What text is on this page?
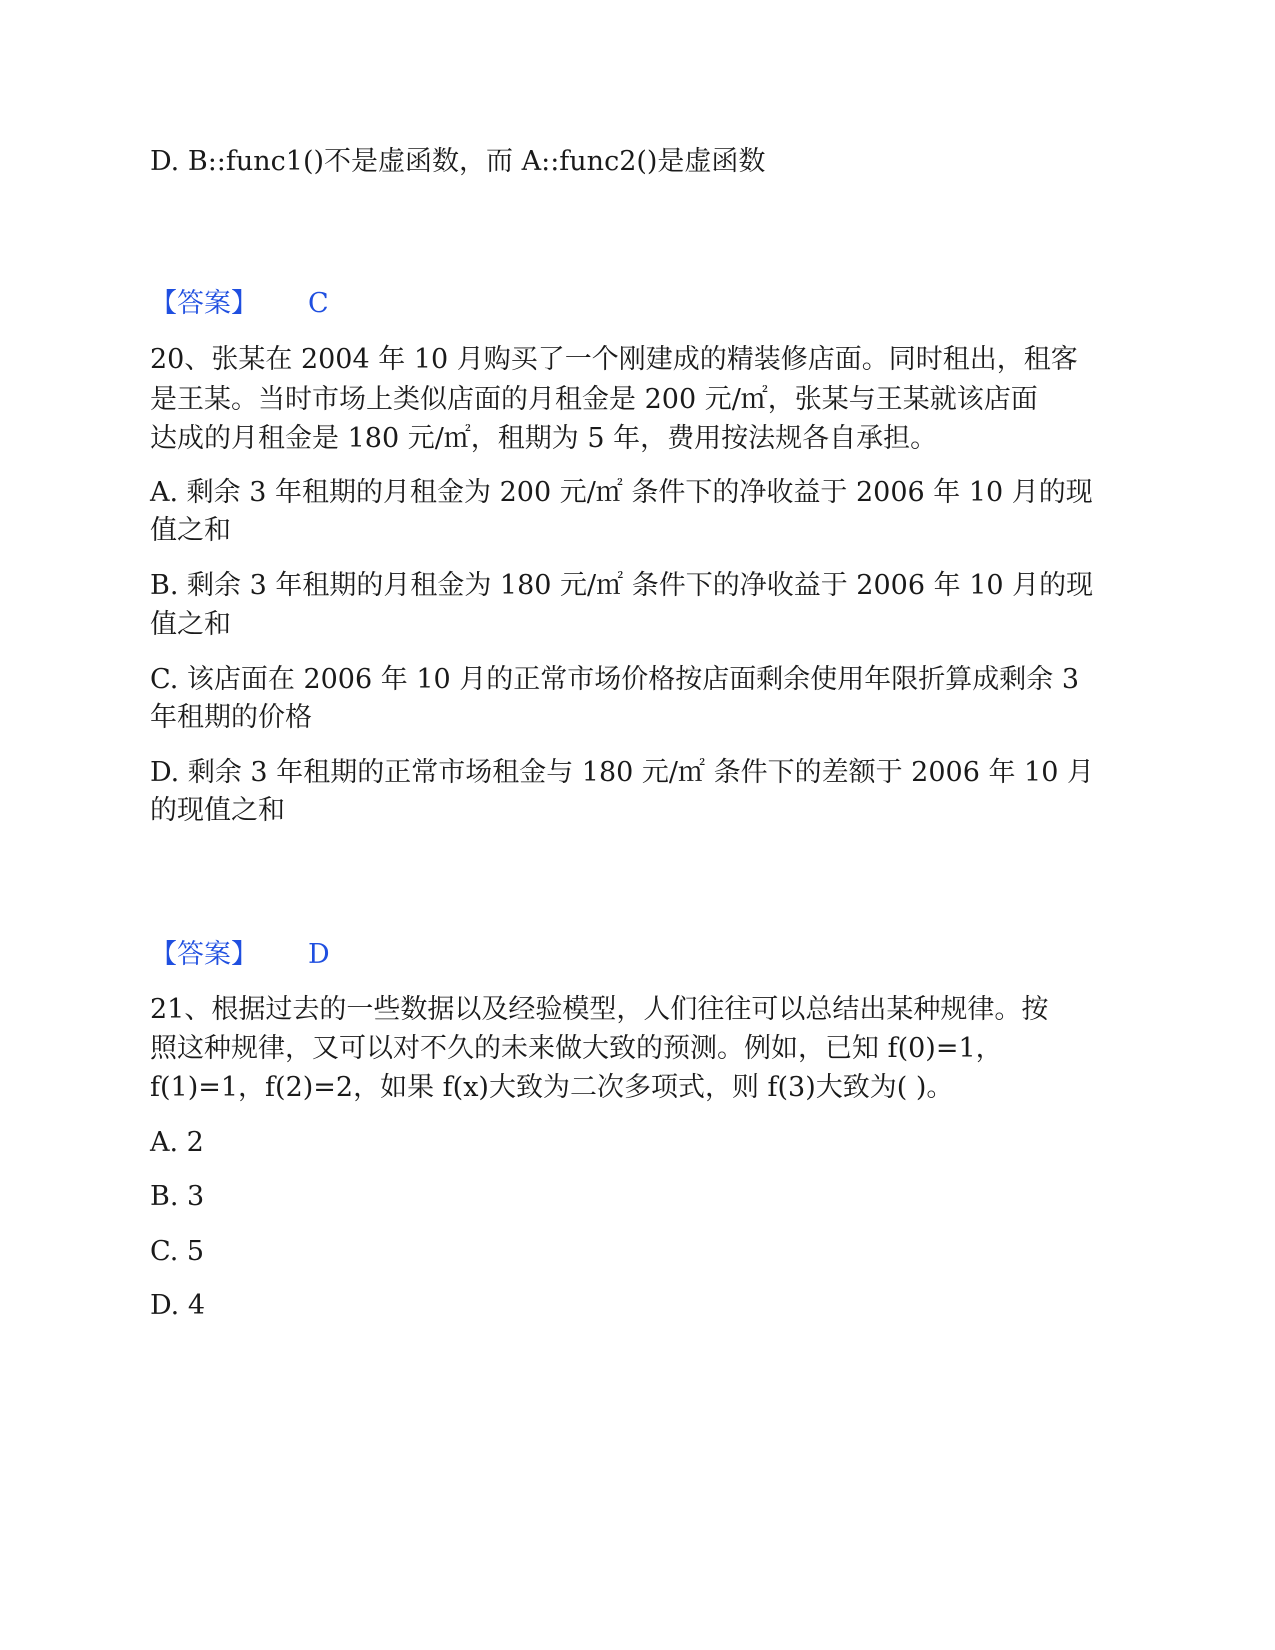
D. B::func1()不是虚函数，而 A::func2()是虚函数
【答案】 C
20、张某在 2004 年 10 月购买了一个刚建成的精装修店面。同时租出，租客
是王某。当时市场上类似店面的月租金是 200 元/㎡，张某与王某就该店面
达成的月租金是 180 元/㎡，租期为 5 年，费用按法规各自承担。
A. 剩余 3 年租期的月租金为 200 元/㎡ 条件下的净收益于 2006 年 10 月的现
值之和
B. 剩余 3 年租期的月租金为 180 元/㎡ 条件下的净收益于 2006 年 10 月的现
值之和
C. 该店面在 2006 年 10 月的正常市场价格按店面剩余使用年限折算成剩余 3
年租期的价格
D. 剩余 3 年租期的正常市场租金与 180 元/㎡ 条件下的差额于 2006 年 10 月
的现值之和
【答案】 D
21、根据过去的一些数据以及经验模型，人们往往可以总结出某种规律。按
照这种规律，又可以对不久的未来做大致的预测。例如，已知 f(0)=1，
f(1)=1，f(2)=2，如果 f(x)大致为二次多项式，则 f(3)大致为( )。
A. 2
B. 3
C. 5
D. 4
